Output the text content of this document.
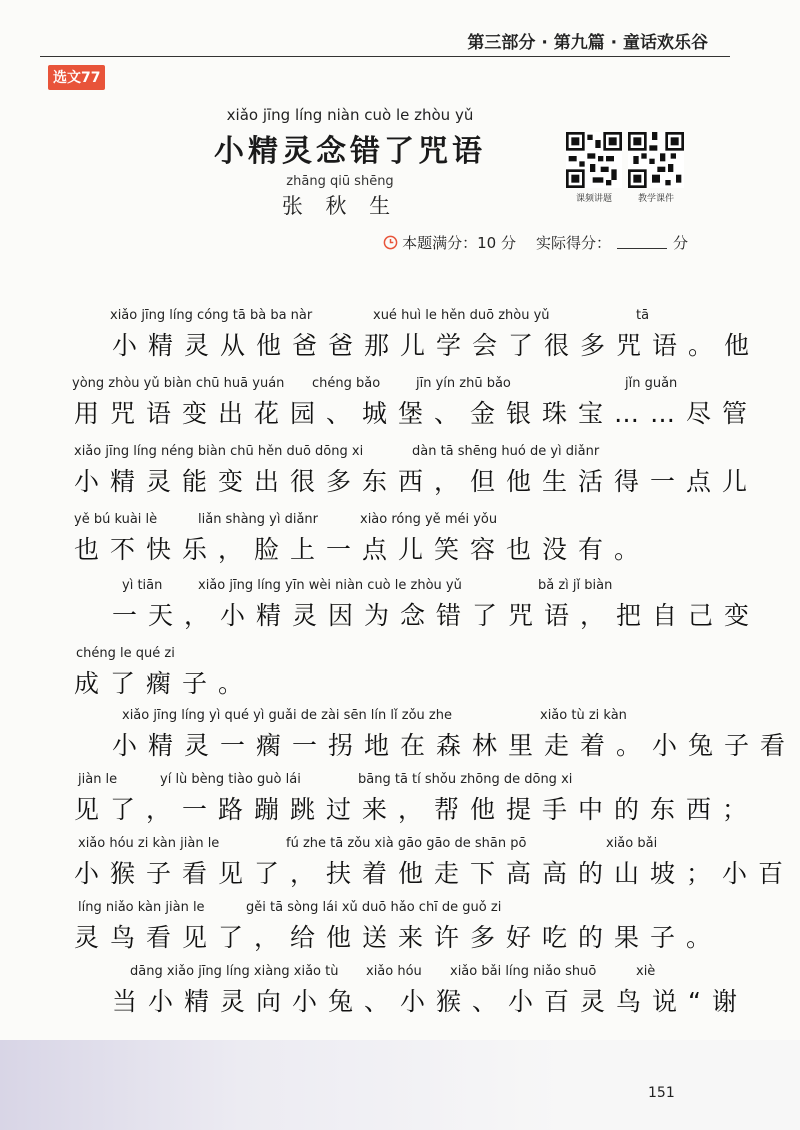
第三部分 · 第九篇 · 童话欢乐谷
选文77
xiǎo jīng líng niàn cuò le zhòu yǔ
小精灵念错了咒语
zhāng qiū shēng
张 秋 生	课频讲题	教学课件
本题满分：10 分 实际得分：	分
xiǎo jīng líng cóng tā bà ba nàr	xué huì le hěn duō zhòu yǔ	tā
小精灵从他爸爸那儿学会了很多咒语。他
yòng zhòu yǔ biàn chū huā yuán chéng bǎo	jīn yín zhū bǎo	jǐn guǎn
用咒语变出花园、城堡、金银珠宝……尽管
xiǎo jīng líng néng biàn chū hěn duō dōng xi	dàn tā shēng huó de yì diǎnr
小精灵能变出很多东西，但他生活得一点儿
yě bú kuài lè	liǎn shàng yì diǎnr	xiào róng yě méi yǒu
也不快乐，脸上一点儿笑容也没有。
yì tiān	xiǎo jīng líng yīn wèi niàn cuò le zhòu yǔ	bǎ zì jǐ biàn
一天，小精灵因为念错了咒语，把自己变
chéng le qué zi
成了瘸子。
xiǎo jīng líng yì qué yì guǎi de zài sēn lín lǐ zǒu zhe	xiǎo tù zi kàn
小精灵一瘸一拐地在森林里走着。小兔子看
jiàn le	yí lù bèng tiào guò lái	bāng tā tí shǒu zhōng de dōng xi
见了，一路蹦跳过来，帮他提手中的东西；
xiǎo hóu zi kàn jiàn le	fú zhe tā zǒu xià gāo gāo de shān pō	xiǎo bǎi
小猴子看见了，扶着他走下高高的山坡；小百
líng niǎo kàn jiàn le	gěi tā sòng lái xǔ duō hǎo chī de guǒ zi
灵鸟看见了，给他送来许多好吃的果子。
dāng xiǎo jīng líng xiàng xiǎo tù xiǎo hóu xiǎo bǎi líng niǎo shuō	xiè
当小精灵向小兔、小猴、小百灵鸟说“谢
151
